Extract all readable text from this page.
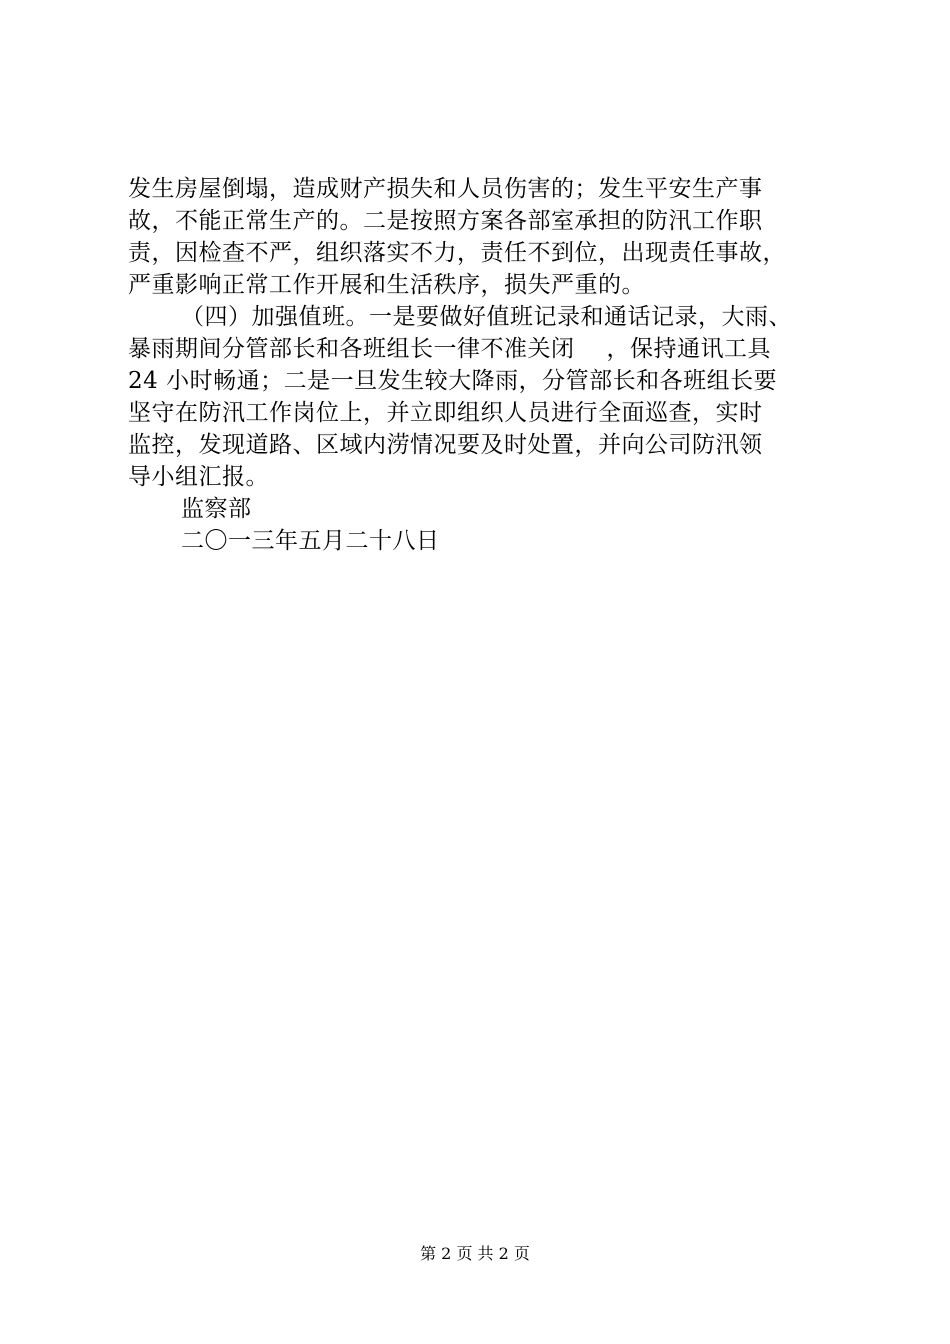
发生房屋倒塌，造成财产损失和人员伤害的；发生平安生产事
故，不能正常生产的。二是按照方案各部室承担的防汛工作职
责，因检查不严，组织落实不力，责任不到位，出现责任事故，
严重影响正常工作开展和生活秩序，损失严重的。
（四）加强值班。一是要做好值班记录和通话记录，大雨、
暴雨期间分管部长和各班组长一律不准关闭 ，保持通讯工具
24 小时畅通；二是一旦发生较大降雨，分管部长和各班组长要
坚守在防汛工作岗位上，并立即组织人员进行全面巡查，实时
监控，发现道路、区域内涝情况要及时处置，并向公司防汛领
导小组汇报。
监察部
二〇一三年五月二十八日
第 2 页 共 2 页
